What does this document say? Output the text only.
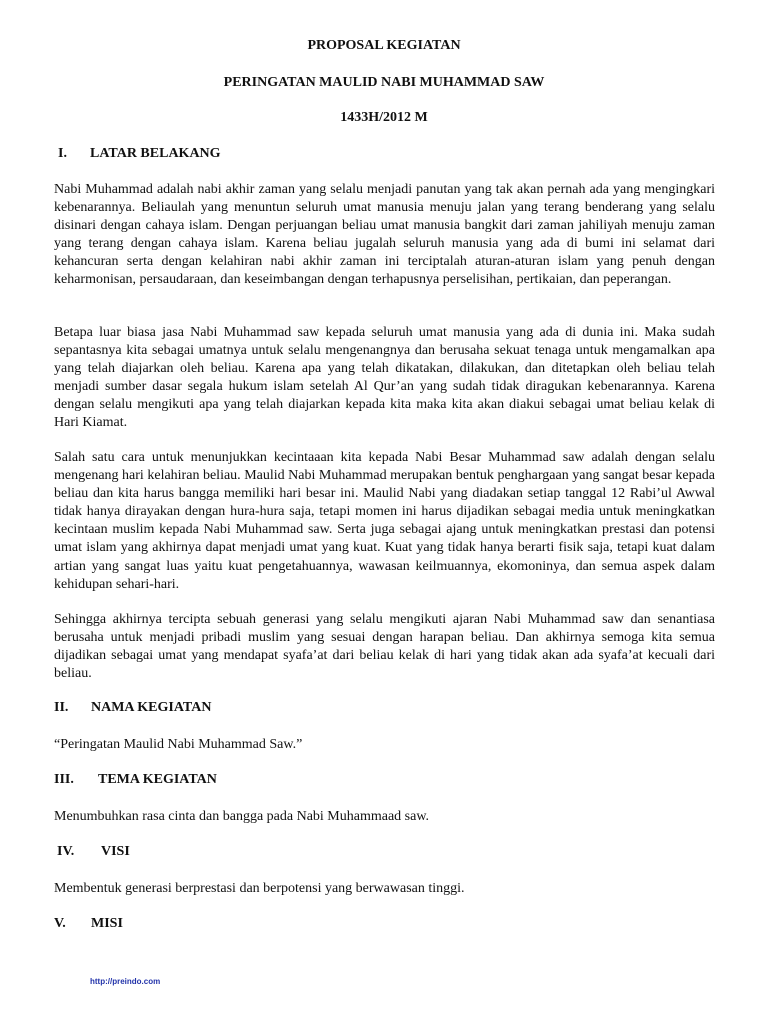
PROPOSAL KEGIATAN
PERINGATAN MAULID NABI MUHAMMAD SAW
1433H/2012 M
I. LATAR BELAKANG

Nabi Muhammad adalah nabi akhir zaman yang selalu menjadi panutan yang tak akan pernah ada yang mengingkari kebenarannya. Beliaulah yang menuntun seluruh umat manusia menuju jalan yang terang benderang yang selalu disinari dengan cahaya islam. Dengan perjuangan beliau umat manusia bangkit dari zaman jahiliyah menuju zaman yang terang dengan cahaya islam. Karena beliau jugalah seluruh manusia yang ada di bumi ini selamat dari kehancuran serta dengan kelahiran nabi akhir zaman ini terciptalah aturan-aturan islam yang penuh dengan keharmonisan, persaudaraan, dan keseimbangan dengan terhapusnya perselisihan, pertikaian, dan peperangan.

Betapa luar biasa jasa Nabi Muhammad saw kepada seluruh umat manusia yang ada di dunia ini. Maka sudah sepantasnya kita sebagai umatnya untuk selalu mengenangnya dan berusaha sekuat tenaga untuk mengamalkan apa yang telah diajarkan oleh beliau. Karena apa yang telah dikatakan, dilakukan, dan ditetapkan oleh beliau telah menjadi sumber dasar segala hukum islam setelah Al Qur’an yang sudah tidak diragukan kebenarannya. Karena dengan selalu mengikuti apa yang telah diajarkan kepada kita maka kita akan diakui sebagai umat beliau kelak di Hari Kiamat.

Salah satu cara untuk menunjukkan kecintaaan kita kepada Nabi Besar Muhammad saw adalah dengan selalu mengenang hari kelahiran beliau. Maulid Nabi Muhammad merupakan bentuk penghargaan yang sangat besar kepada beliau dan kita harus bangga memiliki hari besar ini. Maulid Nabi yang diadakan setiap tanggal 12 Rabi’ul Awwal tidak hanya dirayakan dengan hura-hura saja, tetapi momen ini harus dijadikan sebagai media untuk meningkatkan kecintaan muslim kepada Nabi Muhammad saw. Serta juga sebagai ajang untuk meningkatkan prestasi dan potensi umat islam yang akhirnya dapat menjadi umat yang kuat. Kuat yang tidak hanya berarti fisik saja, tetapi kuat dalam artian yang sangat luas yaitu kuat pengetahuannya, wawasan keilmuannya, ekomoninya, dan semua aspek dalam kehidupan sehari-hari.

Sehingga akhirnya tercipta sebuah generasi yang selalu mengikuti ajaran Nabi Muhammad saw dan senantiasa berusaha untuk menjadi pribadi muslim yang sesuai dengan harapan beliau. Dan akhirnya semoga kita semua dijadikan sebagai umat yang mendapat syafa’at dari beliau kelak di hari yang tidak akan ada syafa’at kecuali dari beliau.

II. NAMA KEGIATAN

“Peringatan Maulid Nabi Muhammad Saw.”

III. TEMA KEGIATAN

Menumbuhkan rasa cinta dan bangga pada Nabi Muhammaad saw.

IV. VISI

Membentuk generasi berprestasi dan berpotensi yang berwawasan tinggi.

V. MISI
http://preindo.com
